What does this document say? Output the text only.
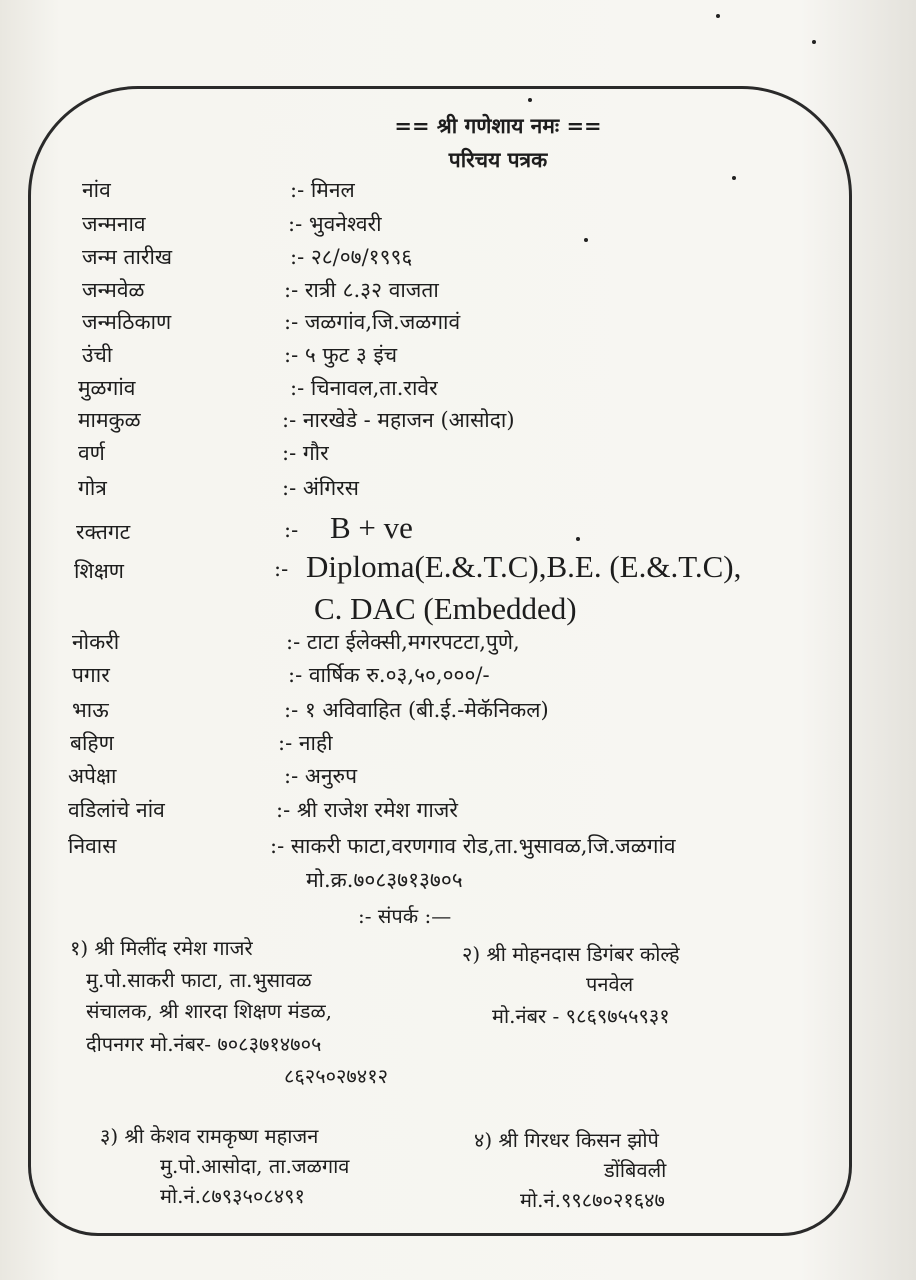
== श्री गणेशाय नमः ==
परिचय पत्रक
नांव	:- मिनल
जन्मनाव	:- भुवनेश्वरी
जन्म तारीख	:- २८/०७/१९९६
जन्मवेळ	:- रात्री ८.३२ वाजता
जन्मठिकाण	:- जळगांव,जि.जळगावं
उंची	:- ५ फुट ३ इंच
मुळगांव	:- चिनावल,ता.रावेर
मामकुळ	:- नारखेडे - महाजन (आसोदा)
वर्ण	:- गौर
गोत्र	:- अंगिरस
रक्तगट	:- B + ve
शिक्षण	:- Diploma(E.&.T.C),B.E. (E.&.T.C),
C. DAC (Embedded)
नोकरी	:- टाटा ईलेक्सी,मगरपटटा,पुणे,
पगार	:- वार्षिक रु.०३,५०,०००/-
भाऊ	:- १ अविवाहित (बी.ई.-मेकॅनिकल)
बहिण	:- नाही
अपेक्षा	:- अनुरुप
वडिलांचे नांव	:- श्री राजेश रमेश गाजरे
निवास	:- साकरी फाटा,वरणगाव रोड,ता.भुसावळ,जि.जळगांव
मो.क्र.७०८३७१३७०५
:- संपर्क :—
१) श्री मिलींद रमेश गाजरे
मु.पो.साकरी फाटा, ता.भुसावळ
संचालक, श्री शारदा शिक्षण मंडळ,
दीपनगर मो.नंबर- ७०८३७१४७०५
८६२५०२७४१२
२) श्री मोहनदास डिगंबर कोल्हे
पनवेल
मो.नंबर - ९८६९७५५९३१
३) श्री केशव रामकृष्ण महाजन
मु.पो.आसोदा, ता.जळगाव
मो.नं.८७९३५०८४९१
४) श्री गिरधर किसन झोपे
डोंबिवली
मो.नं.९९८७०२१६४७
